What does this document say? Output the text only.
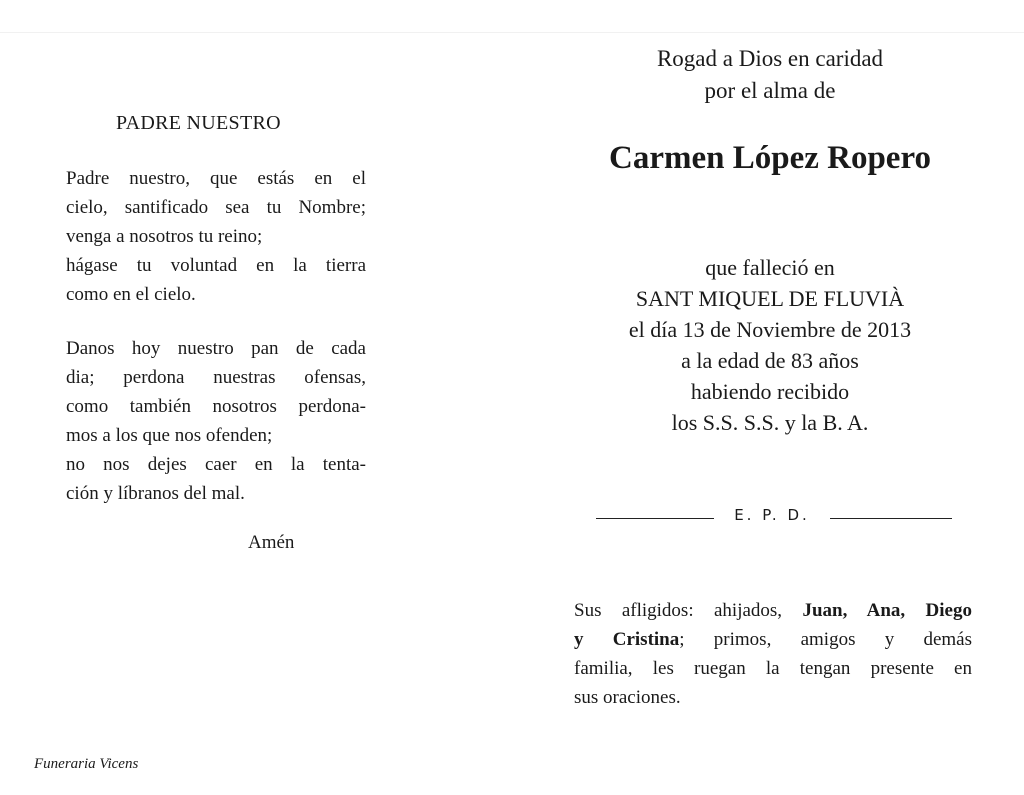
PADRE NUESTRO
Padre nuestro, que estás en el
cielo, santificado sea tu Nombre;
venga a nosotros tu reino;
hágase tu voluntad en la tierra
como en el cielo.
Danos hoy nuestro pan de cada
dia; perdona nuestras ofensas,
como también nosotros perdona-
mos a los que nos ofenden;
no nos dejes caer en la tenta-
ción y líbranos del mal.
Amén
Funeraria Vicens
Rogad a Dios en caridad
por el alma de
Carmen López Ropero
que falleció en
SANT MIQUEL DE FLUVIÀ
el día 13 de Noviembre de 2013
a la edad de 83 años
habiendo recibido
los S.S. S.S. y la B. A.
E. P. D.
Sus afligidos: ahijados, Juan, Ana, Diego
y Cristina; primos, amigos y demás
familia, les ruegan la tengan presente en
sus oraciones.
